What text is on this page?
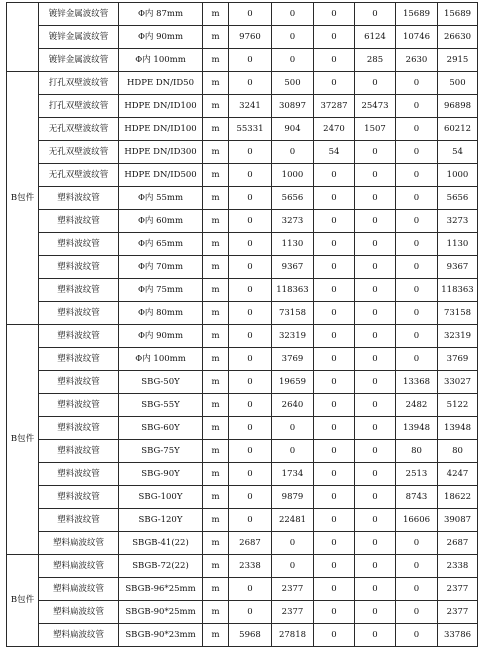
	镀锌金属波纹管	Φ内 87mm	m	0	0	0	0	15689	15689
	镀锌金属波纹管	Φ内 90mm	m	9760	0	0	6124	10746	26630
	镀锌金属波纹管	Φ内 100mm	m	0	0	0	285	2630	2915
B包件	打孔双壁波纹管	HDPE DN/ID50	m	0	500	0	0	0	500
	打孔双壁波纹管	HDPE DN/ID100	m	3241	30897	37287	25473	0	96898
	无孔双壁波纹管	HDPE DN/ID100	m	55331	904	2470	1507	0	60212
	无孔双壁波纹管	HDPE DN/ID300	m	0	0	54	0	0	54
	无孔双壁波纹管	HDPE DN/ID500	m	0	1000	0	0	0	1000
	塑料波纹管	Φ内 55mm	m	0	5656	0	0	0	5656
	塑料波纹管	Φ内 60mm	m	0	3273	0	0	0	3273
	塑料波纹管	Φ内 65mm	m	0	1130	0	0	0	1130
	塑料波纹管	Φ内 70mm	m	0	9367	0	0	0	9367
	塑料波纹管	Φ内 75mm	m	0	118363	0	0	0	118363
	塑料波纹管	Φ内 80mm	m	0	73158	0	0	0	73158
B包件	塑料波纹管	Φ内 90mm	m	0	32319	0	0	0	32319
	塑料波纹管	Φ内 100mm	m	0	3769	0	0	0	3769
	塑料波纹管	SBG-50Y	m	0	19659	0	0	13368	33027
	塑料波纹管	SBG-55Y	m	0	2640	0	0	2482	5122
	塑料波纹管	SBG-60Y	m	0	0	0	0	13948	13948
	塑料波纹管	SBG-75Y	m	0	0	0	0	80	80
	塑料波纹管	SBG-90Y	m	0	1734	0	0	2513	4247
	塑料波纹管	SBG-100Y	m	0	9879	0	0	8743	18622
	塑料波纹管	SBG-120Y	m	0	22481	0	0	16606	39087
	塑料扁波纹管	SBGB-41(22)	m	2687	0	0	0	0	2687
B包件	塑料扁波纹管	SBGB-72(22)	m	2338	0	0	0	0	2338
	塑料扁波纹管	SBGB-96*25mm	m	0	2377	0	0	0	2377
	塑料扁波纹管	SBGB-90*25mm	m	0	2377	0	0	0	2377
	塑料扁波纹管	SBGB-90*23mm	m	5968	27818	0	0	0	33786
